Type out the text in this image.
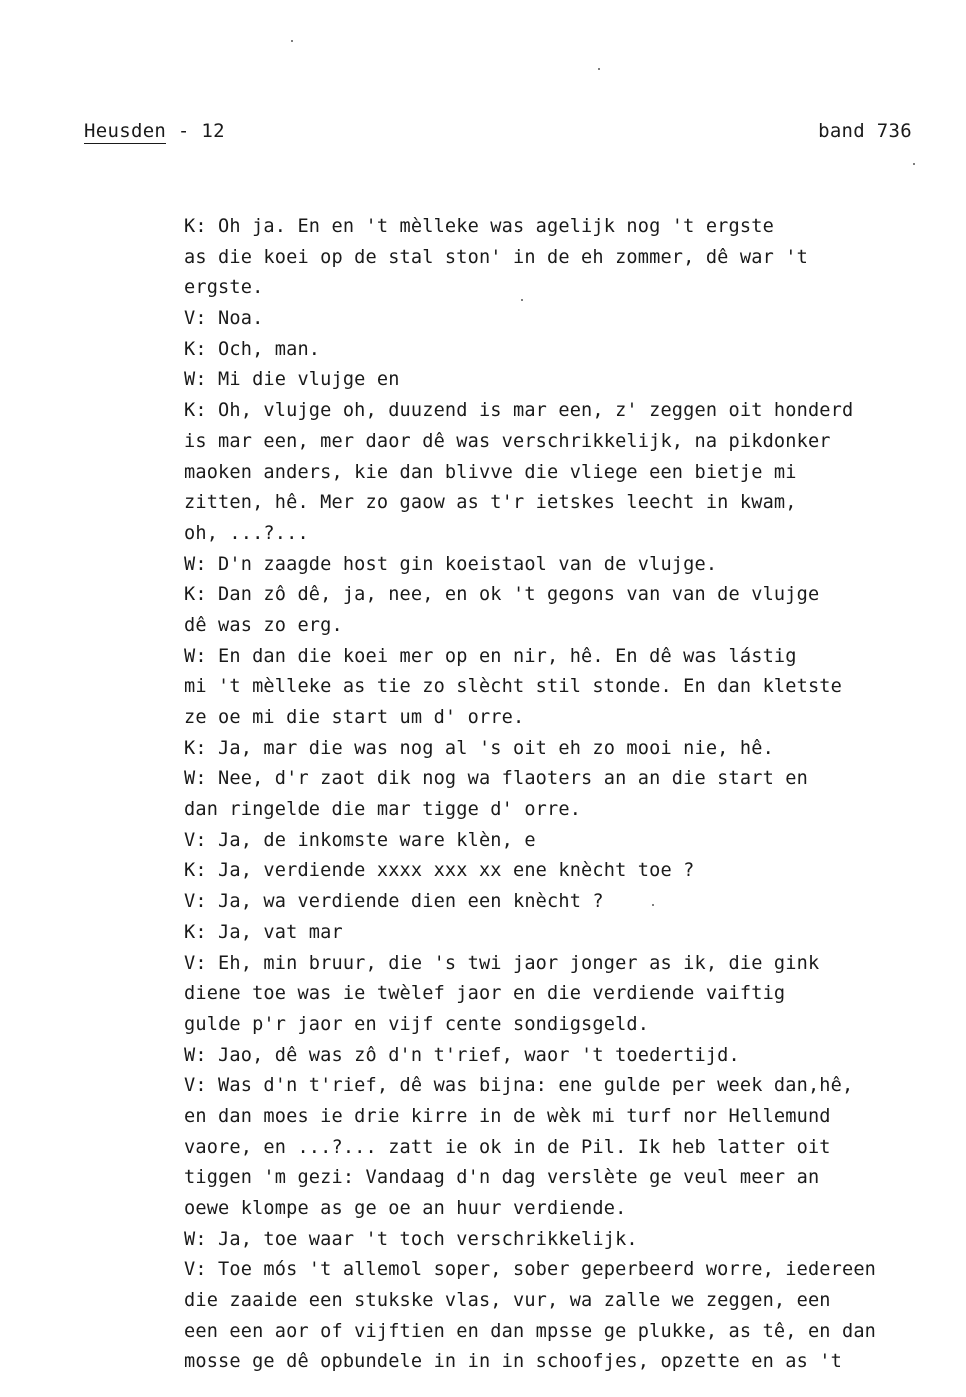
Heusden - 12	band 736
K: Oh ja. En en 't mèlleke was agelijk nog 't ergste
as die koei op de stal ston' in de eh zommer, dê war 't
ergste.
V: Noa.
K: Och, man.
W: Mi die vlujge en
K: Oh, vlujge oh, duuzend is mar een, z' zeggen oit honderd
is mar een, mer daor dê was verschrikkelijk, na pikdonker
maoken anders, kie dan blivve die vliege een bietje mi
zitten, hê. Mer zo gaow as t'r ietskes leecht in kwam,
oh, ...?...
W: D'n zaagde host gin koeistaol van de vlujge.
K: Dan zô dê, ja, nee, en ok 't gegons van van de vlujge
dê was zo erg.
W: En dan die koei mer op en nir, hê. En dê was lástig
mi 't mèlleke as tie zo slècht stil stonde. En dan kletste
ze oe mi die start um d' orre.
K: Ja, mar die was nog al 's oit eh zo mooi nie, hê.
W: Nee, d'r zaot dik nog wa flaoters an an die start en
dan ringelde die mar tigge d' orre.
V: Ja, de inkomste ware klèn, e
K: Ja, verdiende xxxx xxx xx ene knècht toe ?
V: Ja, wa verdiende dien een knècht ?
K: Ja, vat mar
V: Eh, min bruur, die 's twi jaor jonger as ik, die gink
diene toe was ie twèlef jaor en die verdiende vaiftig
gulde p'r jaor en vijf cente sondigsgeld.
W: Jao, dê was zô d'n t'rief, waor 't toedertijd.
V: Was d'n t'rief, dê was bijna: ene gulde per week dan,hê,
en dan moes ie drie kirre in de wèk mi turf nor Hellemund
vaore, en ...?... zatt ie ok in de Pil. Ik heb latter oit
tiggen 'm gezi: Vandaag d'n dag verslète ge veul meer an
oewe klompe as ge oe an huur verdiende.
W: Ja, toe waar 't toch verschrikkelijk.
V: Toe mós 't allemol soper, sober geperbeerd worre, iedereen
die zaaide een stukske vlas, vur, wa zalle we zeggen, een
een een aor of vijftien en dan mpsse ge plukke, as tê, en dan
mosse ge dê opbundele in in in schoofjes, opzette en as 't
